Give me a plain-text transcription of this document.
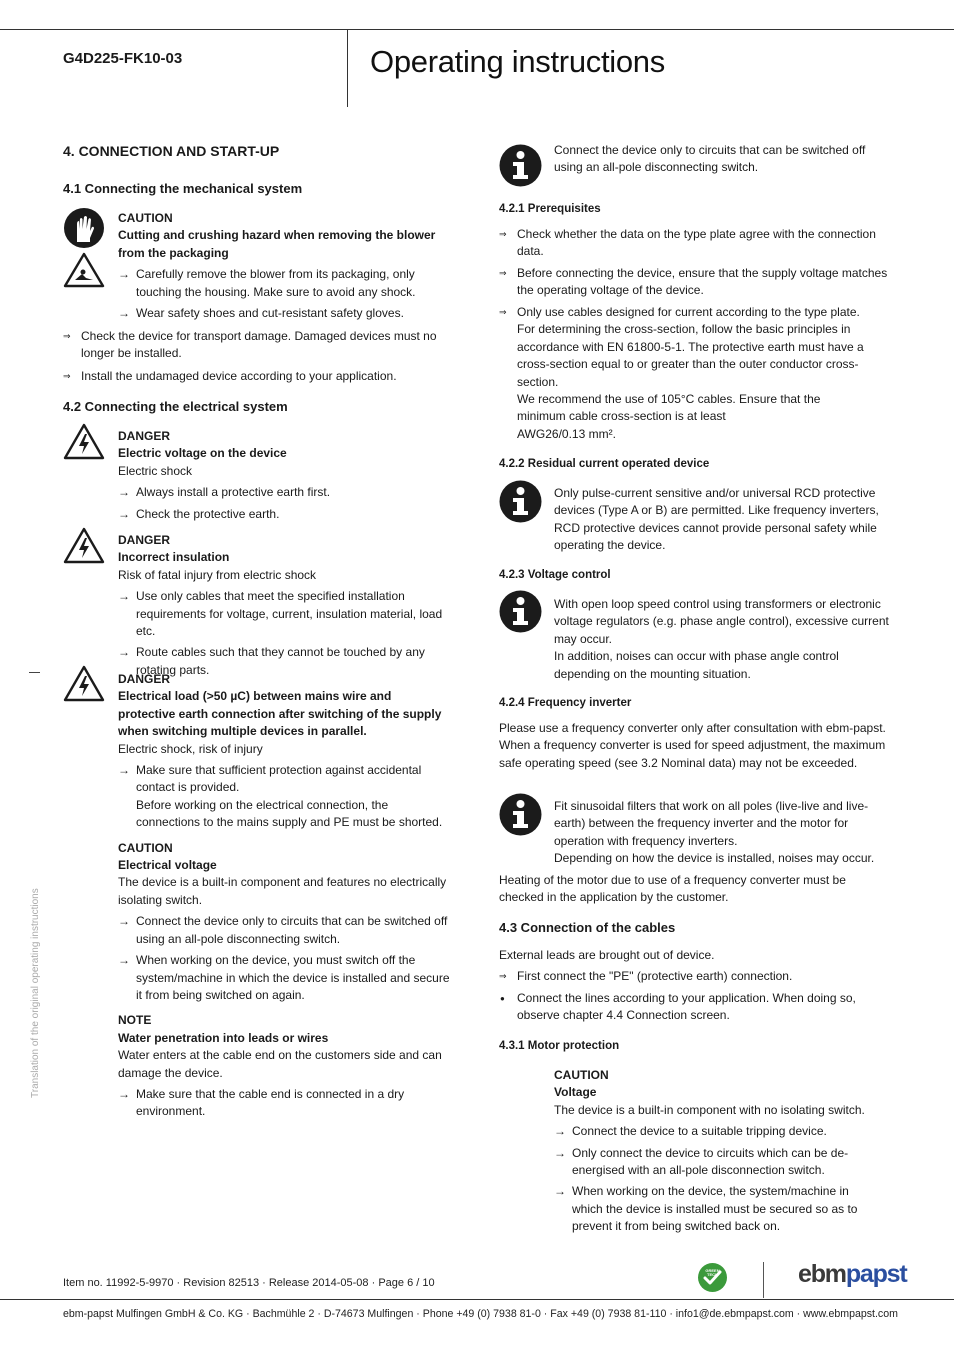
G4D225-FK10-03	Operating instructions
Translation of the original operating instructions
4. CONNECTION AND START-UP
4.1 Connecting the mechanical system
CAUTION
Cutting and crushing hazard when removing the blower from the packaging
→ Carefully remove the blower from its packaging, only touching the housing. Make sure to avoid any shock.
→ Wear safety shoes and cut-resistant safety gloves.
⇒ Check the device for transport damage. Damaged devices must no longer be installed.
⇒ Install the undamaged device according to your application.
4.2 Connecting the electrical system
DANGER
Electric voltage on the device
Electric shock
→ Always install a protective earth first.
→ Check the protective earth.
DANGER
Incorrect insulation
Risk of fatal injury from electric shock
→ Use only cables that meet the specified installation requirements for voltage, current, insulation material, load etc.
→ Route cables such that they cannot be touched by any rotating parts.
DANGER
Electrical load (>50 µC) between mains wire and protective earth connection after switching of the supply when switching multiple devices in parallel.
Electric shock, risk of injury
→ Make sure that sufficient protection against accidental contact is provided.
Before working on the electrical connection, the connections to the mains supply and PE must be shorted.
CAUTION
Electrical voltage
The device is a built-in component and features no electrically isolating switch.
→ Connect the device only to circuits that can be switched off using an all-pole disconnecting switch.
→ When working on the device, you must switch off the system/machine in which the device is installed and secure it from being switched on again.
NOTE
Water penetration into leads or wires
Water enters at the cable end on the customers side and can damage the device.
→ Make sure that the cable end is connected in a dry environment.
Connect the device only to circuits that can be switched off using an all-pole disconnecting switch.
4.2.1 Prerequisites
⇒ Check whether the data on the type plate agree with the connection data.
⇒ Before connecting the device, ensure that the supply voltage matches the operating voltage of the device.
⇒ Only use cables designed for current according to the type plate.
For determining the cross-section, follow the basic principles in accordance with EN 61800-5-1. The protective earth must have a cross-section equal to or greater than the outer conductor cross-section.
We recommend the use of 105°C cables. Ensure that the minimum cable cross-section is at least
AWG26/0.13 mm².
4.2.2 Residual current operated device
Only pulse-current sensitive and/or universal RCD protective devices (Type A or B) are permitted. Like frequency inverters, RCD protective devices cannot provide personal safety while operating the device.
4.2.3 Voltage control
With open loop speed control using transformers or electronic voltage regulators (e.g. phase angle control), excessive current may occur.
In addition, noises can occur with phase angle control depending on the mounting situation.
4.2.4 Frequency inverter
Please use a frequency converter only after consultation with ebm-papst. When a frequency converter is used for speed adjustment, the maximum safe operating speed (see 3.2 Nominal data) may not be exceeded.
Fit sinusoidal filters that work on all poles (live-live and live-earth) between the frequency inverter and the motor for operation with frequency inverters.
Depending on how the device is installed, noises may occur.
Heating of the motor due to use of a frequency converter must be checked in the application by the customer.
4.3 Connection of the cables
External leads are brought out of device.
⇒ First connect the "PE" (protective earth) connection.
● Connect the lines according to your application. When doing so, observe chapter 4.4 Connection screen.
4.3.1 Motor protection
CAUTION
Voltage
The device is a built-in component with no isolating switch.
→ Connect the device to a suitable tripping device.
→ Only connect the device to circuits which can be de-energised with an all-pole disconnection switch.
→ When working on the device, the system/machine in which the device is installed must be secured so as to prevent it from being switched back on.
Item no. 11992-5-9970 · Revision 82513 · Release 2014-05-08 · Page 6 / 10
GREEN TECH	ebmpapst
ebm-papst Mulfingen GmbH & Co. KG · Bachmühle 2 · D-74673 Mulfingen · Phone +49 (0) 7938 81-0 · Fax +49 (0) 7938 81-110 · info1@de.ebmpapst.com · www.ebmpapst.com
